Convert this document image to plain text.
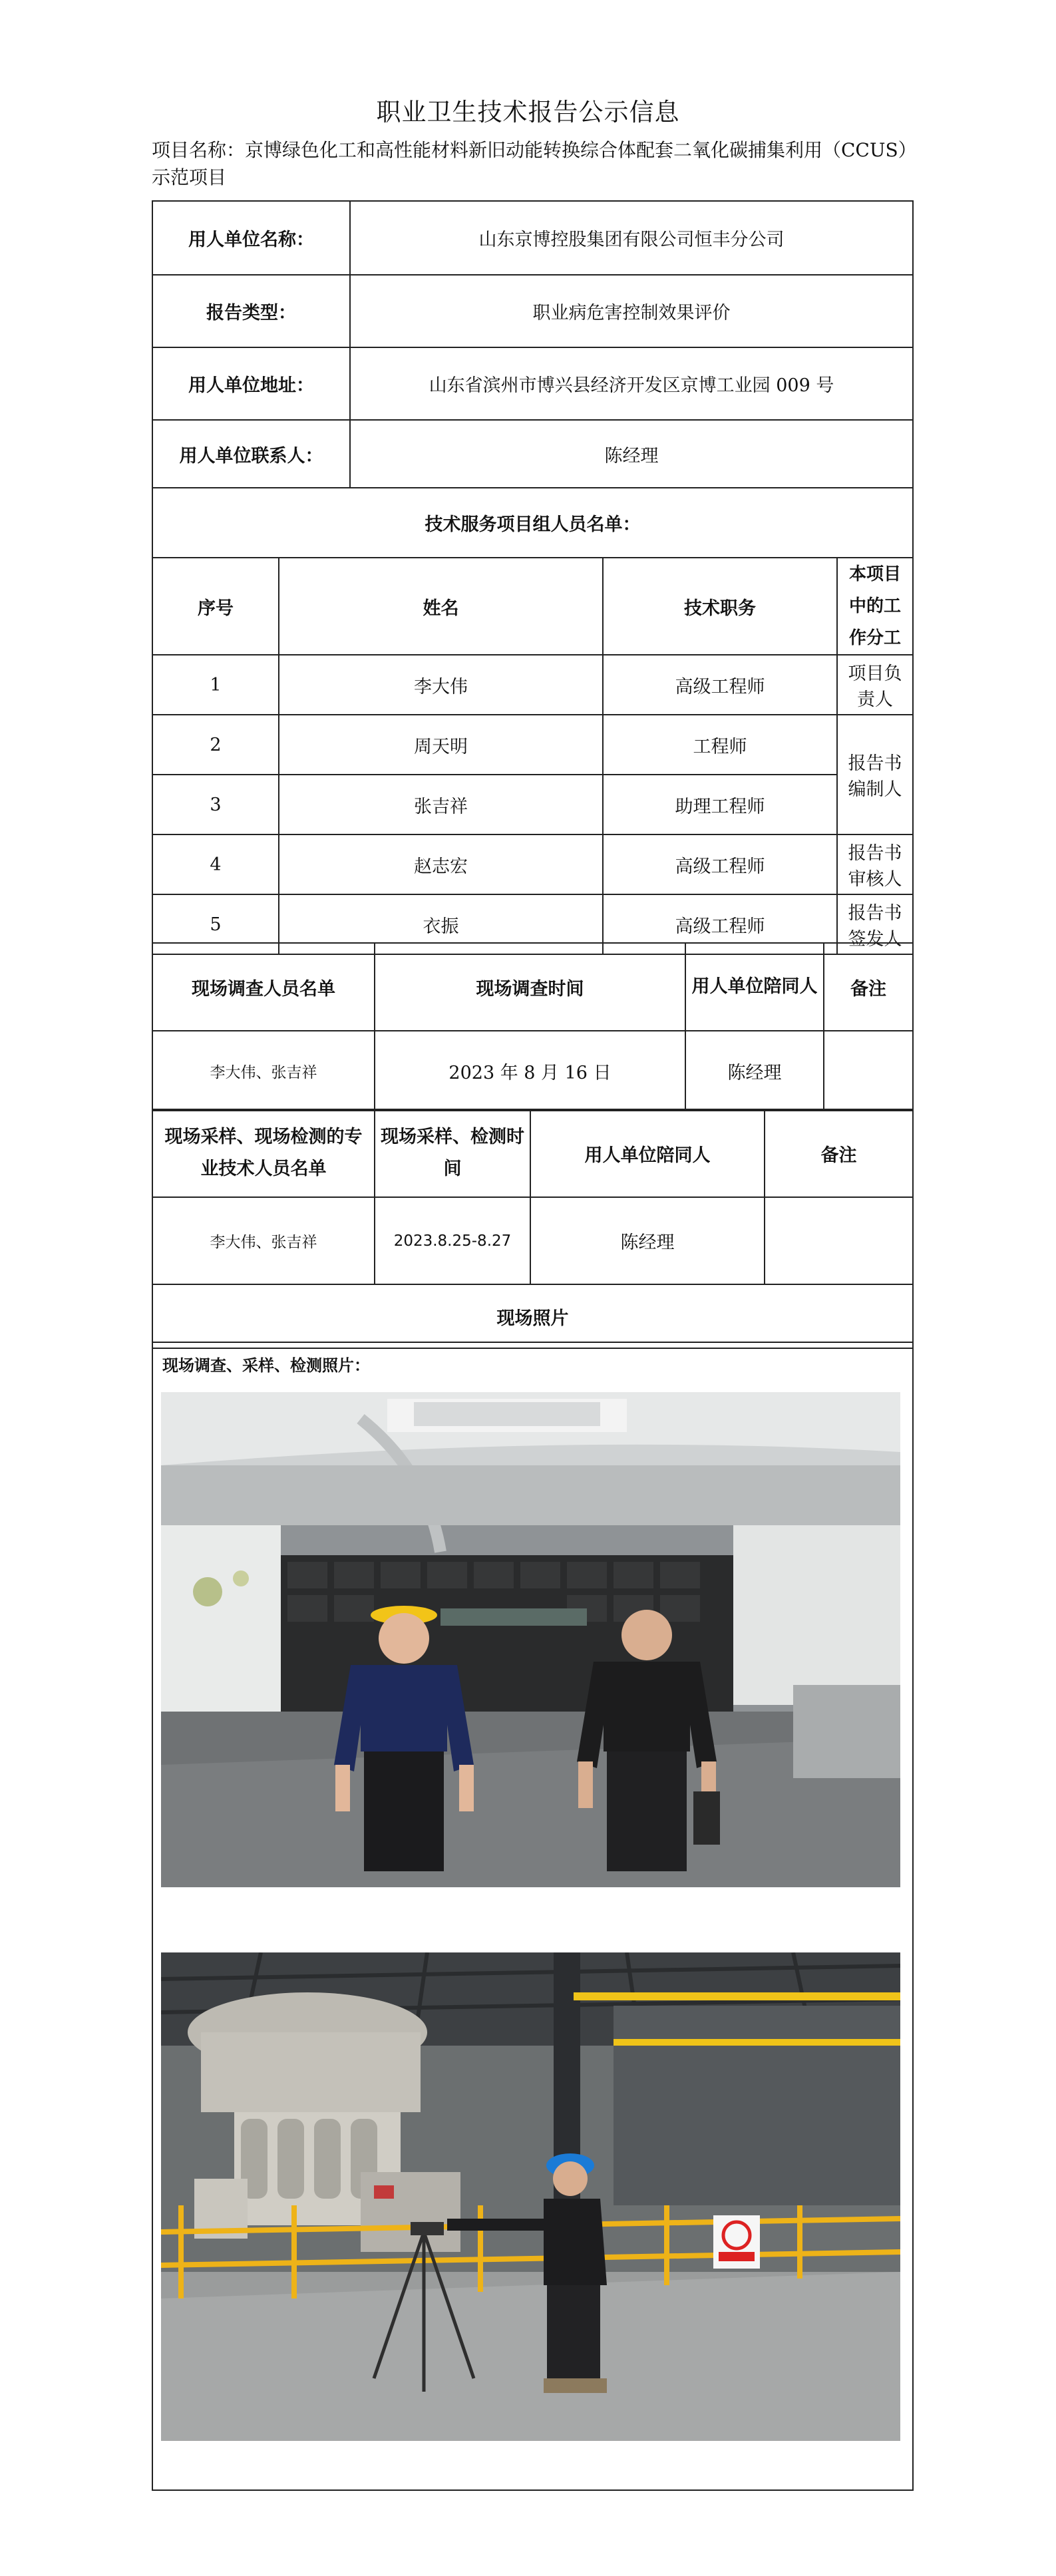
职业卫生技术报告公示信息
项目名称：京博绿色化工和高性能材料新旧动能转换综合体配套二氧化碳捕集利用（CCUS）示范项目
用人单位名称：		山东京博控股集团有限公司恒丰分公司		
报告类型：		职业病危害控制效果评价		
用人单位地址：		山东省滨州市博兴县经济开发区京博工业园 009 号		
用人单位联系人：		陈经理		
技术服务项目组人员名单：				
序号	姓名		技术职务	本项目中的工作分工
1	李大伟		高级工程师	项目负责人
2	周天明		工程师	报告书编制人
3	张吉祥		助理工程师	
4	赵志宏		高级工程师	报告书审核人
5	衣振		高级工程师	报告书签发人
现场调查人员名单	现场调查时间	用人单位陪同人	备注
李大伟、张吉祥	2023 年 8 月 16 日	陈经理	
现场采样、现场检测的专业技术人员名单	现场采样、检测时间	用人单位陪同人	备注
李大伟、张吉祥	2023.8.25-8.27	陈经理	
现场照片			
现场调查、采样、检测照片：
